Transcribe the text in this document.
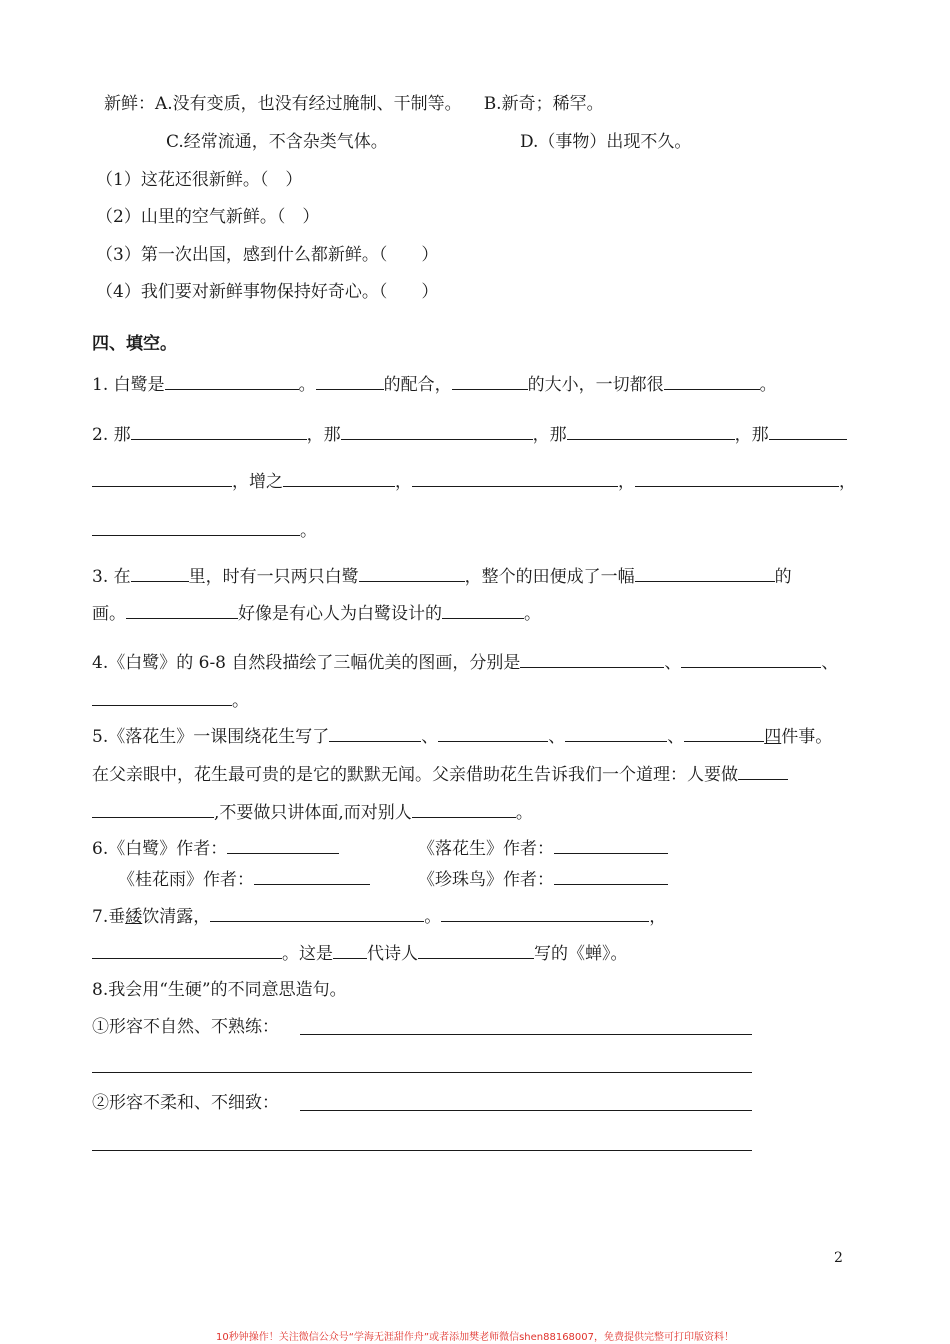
新鲜：A.没有变质，也没有经过腌制、干制等。 B.新奇；稀罕。
C.经常流通，不含杂类气体。	D.（事物）出现不久。
（1）这花还很新鲜。（　）
（2）山里的空气新鲜。（　）
（3）第一次出国，感到什么都新鲜。（　　）
（4）我们要对新鲜事物保持好奇心。（　　）
四、填空。
1. 白鹭是	。	的配合，	的大小，一切都很	。
2. 那	，那	，那	，那
，增之	，	，	，
。
3. 在	里，时有一只两只白鹭	，整个的田便成了一幅	的
画。	好像是有心人为白鹭设计的	。
4.《白鹭》的 6-8 自然段描绘了三幅优美的图画，分别是	、	、
。
5.《落花生》一课围绕花生写了	、	、	、	四件事。
在父亲眼中，花生最可贵的是它的默默无闻。父亲借助花生告诉我们一个道理：人要做
,不要做只讲体面,而对别人	。
6.《白鹭》作者：	《落花生》作者：
《桂花雨》作者：	《珍珠鸟》作者：
7.垂緌饮清露，	。	，
。这是 代诗人	写的《蝉》。
8.我会用“生硬”的不同意思造句。
①形容不自然、不熟练：
②形容不柔和、不细致：
2
10秒钟操作！关注微信公众号“学海无涯甜作舟”或者添加樊老师微信shen88168007，免费提供完整可打印版资料！
